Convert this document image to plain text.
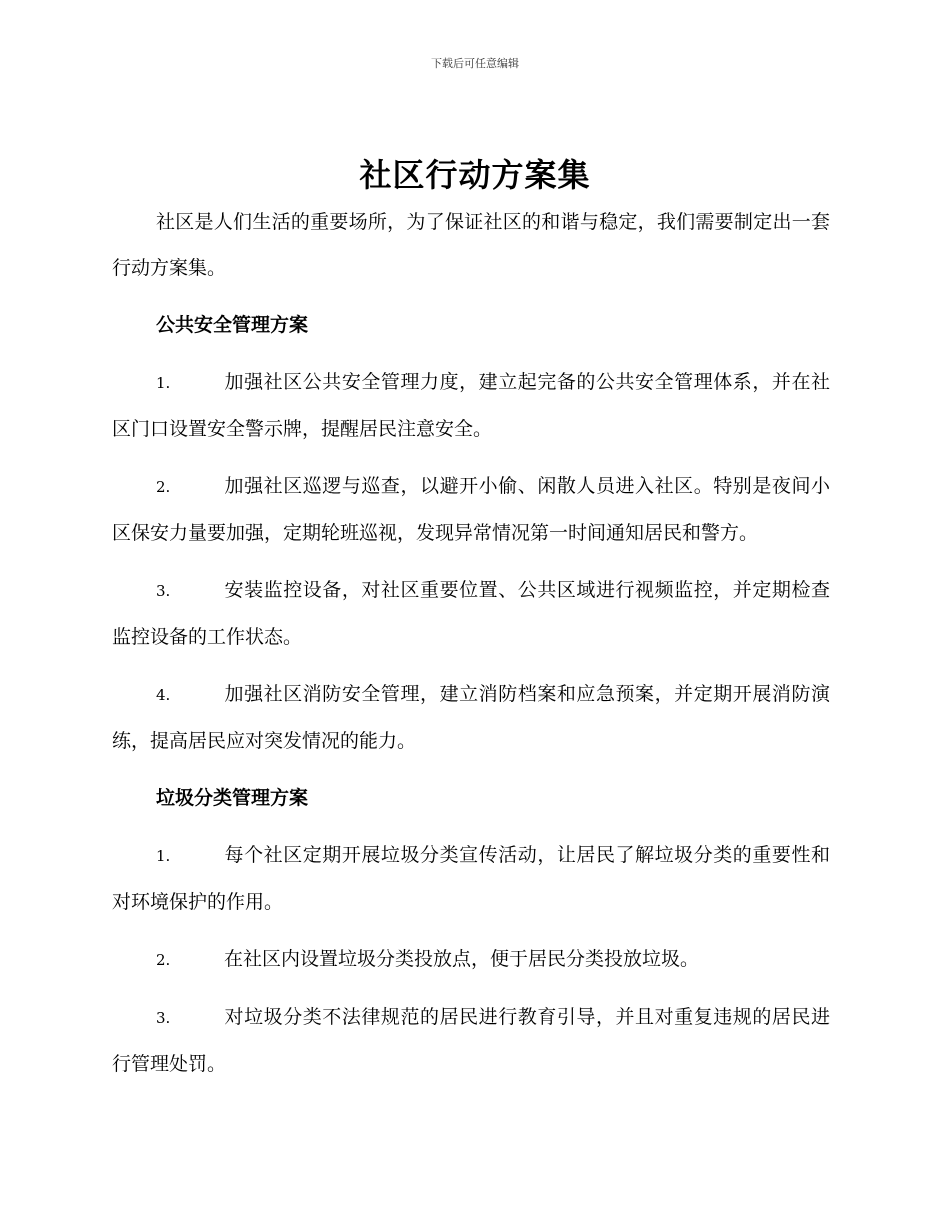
下载后可任意编辑
社区行动方案集

社区是人们生活的重要场所，为了保证社区的和谐与稳定，我们需要制定出一套行动方案集。

公共安全管理方案

1.	加强社区公共安全管理力度，建立起完备的公共安全管理体系，并在社区门口设置安全警示牌，提醒居民注意安全。

2.	加强社区巡逻与巡查，以避开小偷、闲散人员进入社区。特别是夜间小区保安力量要加强，定期轮班巡视，发现异常情况第一时间通知居民和警方。

3.	安装监控设备，对社区重要位置、公共区域进行视频监控，并定期检查监控设备的工作状态。

4.	加强社区消防安全管理，建立消防档案和应急预案，并定期开展消防演练，提高居民应对突发情况的能力。

垃圾分类管理方案

1.	每个社区定期开展垃圾分类宣传活动，让居民了解垃圾分类的重要性和对环境保护的作用。

2.	在社区内设置垃圾分类投放点，便于居民分类投放垃圾。

3.	对垃圾分类不法律规范的居民进行教育引导，并且对重复违规的居民进行管理处罚。
